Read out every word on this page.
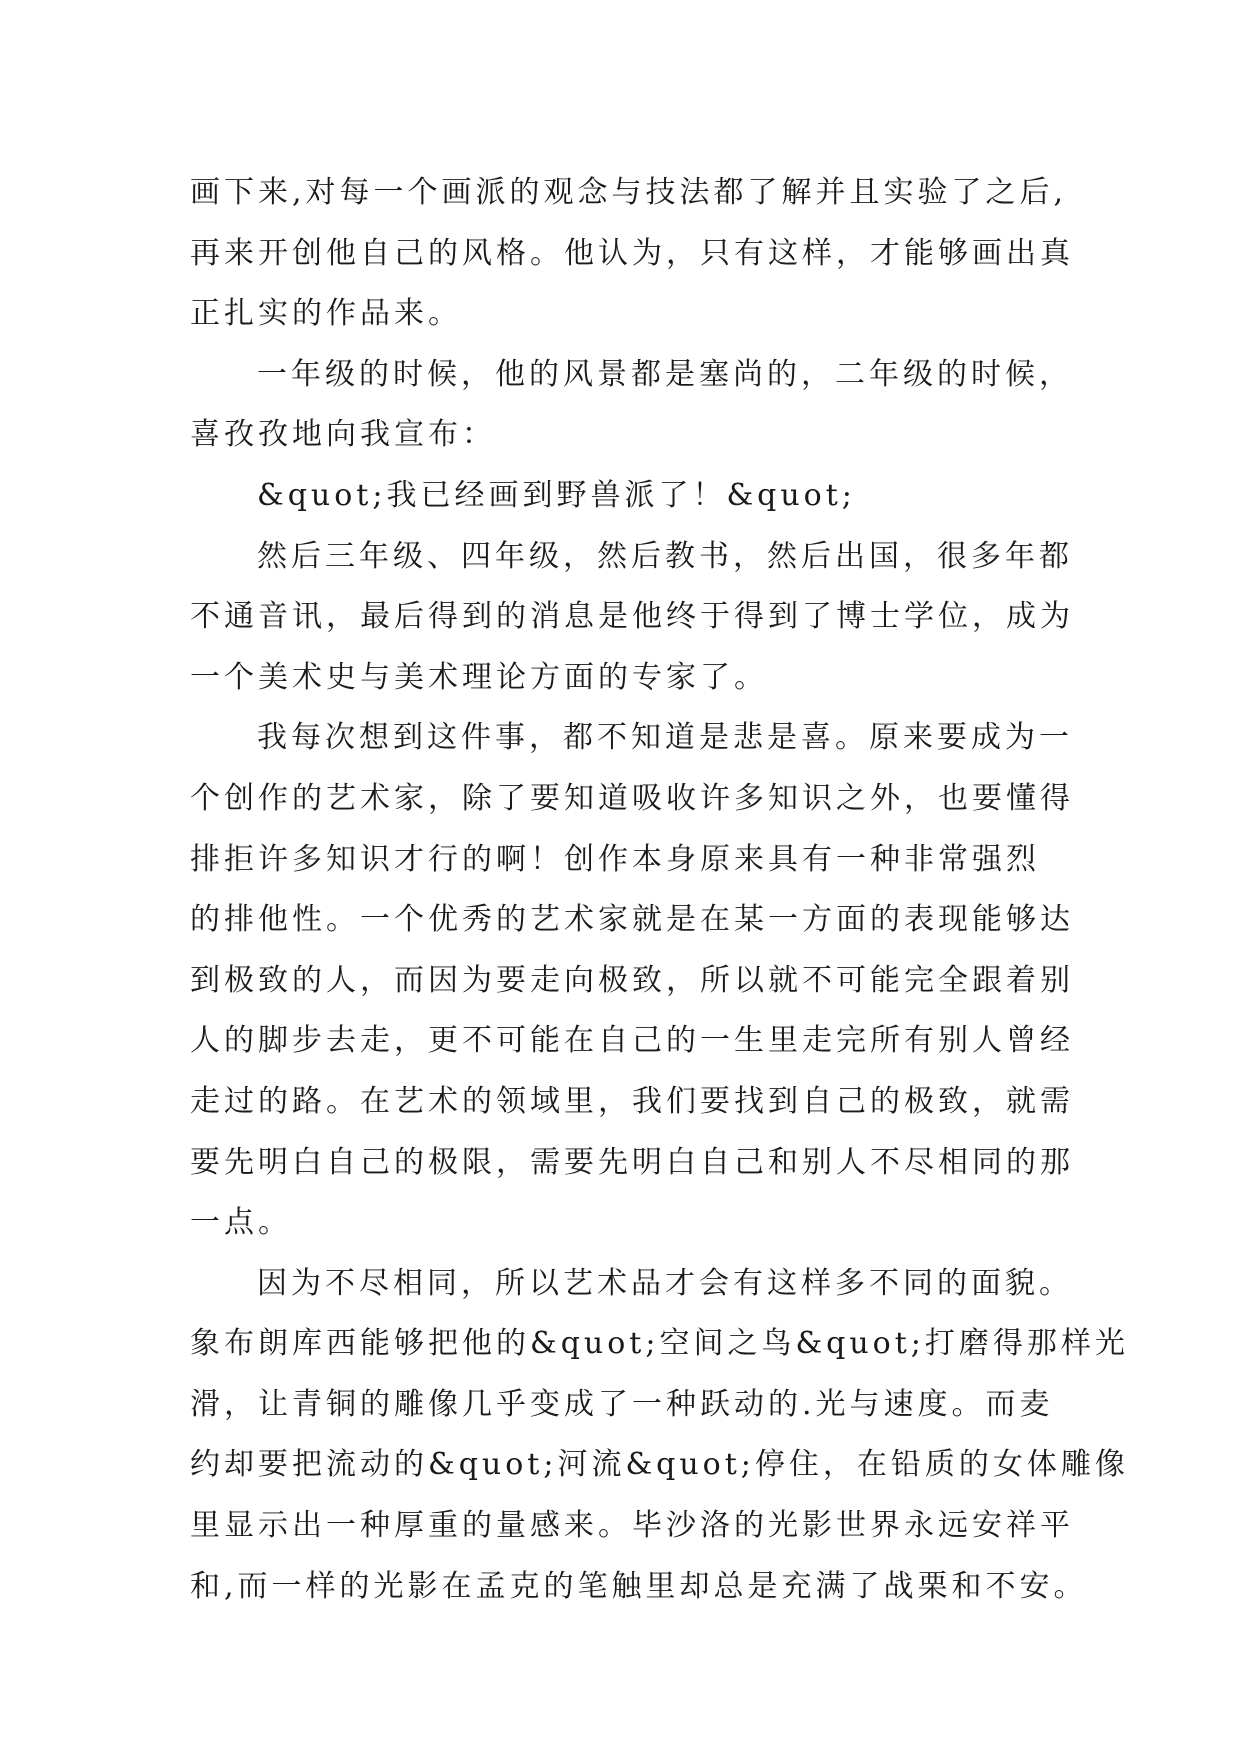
画下来,对每一个画派的观念与技法都了解并且实验了之后,
再来开创他自己的风格。他认为，只有这样，才能够画出真
正扎实的作品来。
一年级的时候，他的风景都是塞尚的，二年级的时候，
喜孜孜地向我宣布：
&quot;我已经画到野兽派了！&quot;
然后三年级、四年级，然后教书，然后出国，很多年都
不通音讯，最后得到的消息是他终于得到了博士学位，成为
一个美术史与美术理论方面的专家了。
我每次想到这件事，都不知道是悲是喜。原来要成为一
个创作的艺术家，除了要知道吸收许多知识之外，也要懂得
排拒许多知识才行的啊！创作本身原来具有一种非常强烈
的排他性。一个优秀的艺术家就是在某一方面的表现能够达
到极致的人，而因为要走向极致，所以就不可能完全跟着别
人的脚步去走，更不可能在自己的一生里走完所有别人曾经
走过的路。在艺术的领域里，我们要找到自己的极致，就需
要先明白自己的极限，需要先明白自己和别人不尽相同的那
一点。
因为不尽相同，所以艺术品才会有这样多不同的面貌。
象布朗库西能够把他的&quot;空间之鸟&quot;打磨得那样光
滑，让青铜的雕像几乎变成了一种跃动的.光与速度。而麦
约却要把流动的&quot;河流&quot;停住，在铅质的女体雕像
里显示出一种厚重的量感来。毕沙洛的光影世界永远安祥平
和,而一样的光影在孟克的笔触里却总是充满了战栗和不安。
